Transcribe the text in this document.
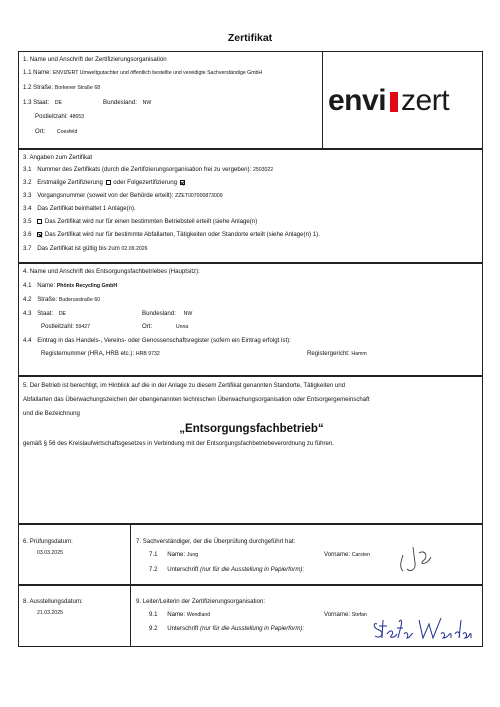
Zertifikat
1. Name und Anschrift der Zertifizierungsorganisation
1.1 Name: ENVIZERT Umweltgutachter und öffentlich bestellte und vereidigte Sachverständige GmbH
1.2 Straße: Borkener Straße 68
1.3 Staat: DE	Bundesland: NW
Postleitzahl: 48653
Ort: Coesfeld
envi zert
3. Angaben zum Zertifikat
3.1 Nummer des Zertifikats (durch die Zertifizierungsorganisation frei zu vergeben): 2503022
3.2 Erstmalige Zertifizierung oder Folgezertifizierung
3.3 Vorgangsnummer (soweit von der Behörde erteilt): ZZET007000873009
3.4 Das Zertifikat beinhaltet 1 Anlage(n).
3.5 Das Zertifikat wird nur für einen bestimmten Betriebsteil erteilt (siehe Anlage(n)
3.6 Das Zertifikat wird nur für bestimmte Abfallarten, Tätigkeiten oder Standorte erteilt (siehe Anlage(n) 1).
3.7 Das Zertifikat ist gültig bis zum 02.09.2026
4. Name und Anschrift des Entsorgungsfachbetriebes (Hauptsitz):
4.1 Name: Phönix Recycling GmbH
4.2 Straße: Buderusstraße 60
4.3 Staat: DE	Bundesland: NW
Postleitzahl: 59427	Ort:	Unna
4.4 Eintrag in das Handels-, Vereins- oder Genossenschaftsregister (sofern ein Eintrag erfolgt ist):
Registernummer (HRA, HRB etc.): HRB 9732	Registergericht: Hamm
5. Der Betrieb ist berechtigt, im Hinblick auf die in der Anlage zu diesem Zertifikat genannten Standorte, Tätigkeiten und
Abfallarten das Überwachungszeichen der obengenannten technischen Überwachungsorganisation oder Entsorgergemeinschaft
und die Bezeichnung
„Entsorgungsfachbetrieb“
gemäß § 56 des Kreislaufwirtschaftsgesetzes in Verbindung mit der Entsorgungsfachbetriebeverordnung zu führen.
6. Prüfungsdatum:
03.03.2025
7. Sachverständiger, der die Überprüfung durchgeführt hat:
7.1 Name: Jung	Vorname: Carsten
7.2 Unterschrift (nur für die Ausstellung in Papierform):
8. Ausstellungsdatum:
21.03.2025
9. Leiter/Leiterin der Zertifizierungsorganisation:
9.1 Name: Wendland	Vorname: Stefan
9.2 Unterschrift (nur für die Ausstellung in Papierform):
